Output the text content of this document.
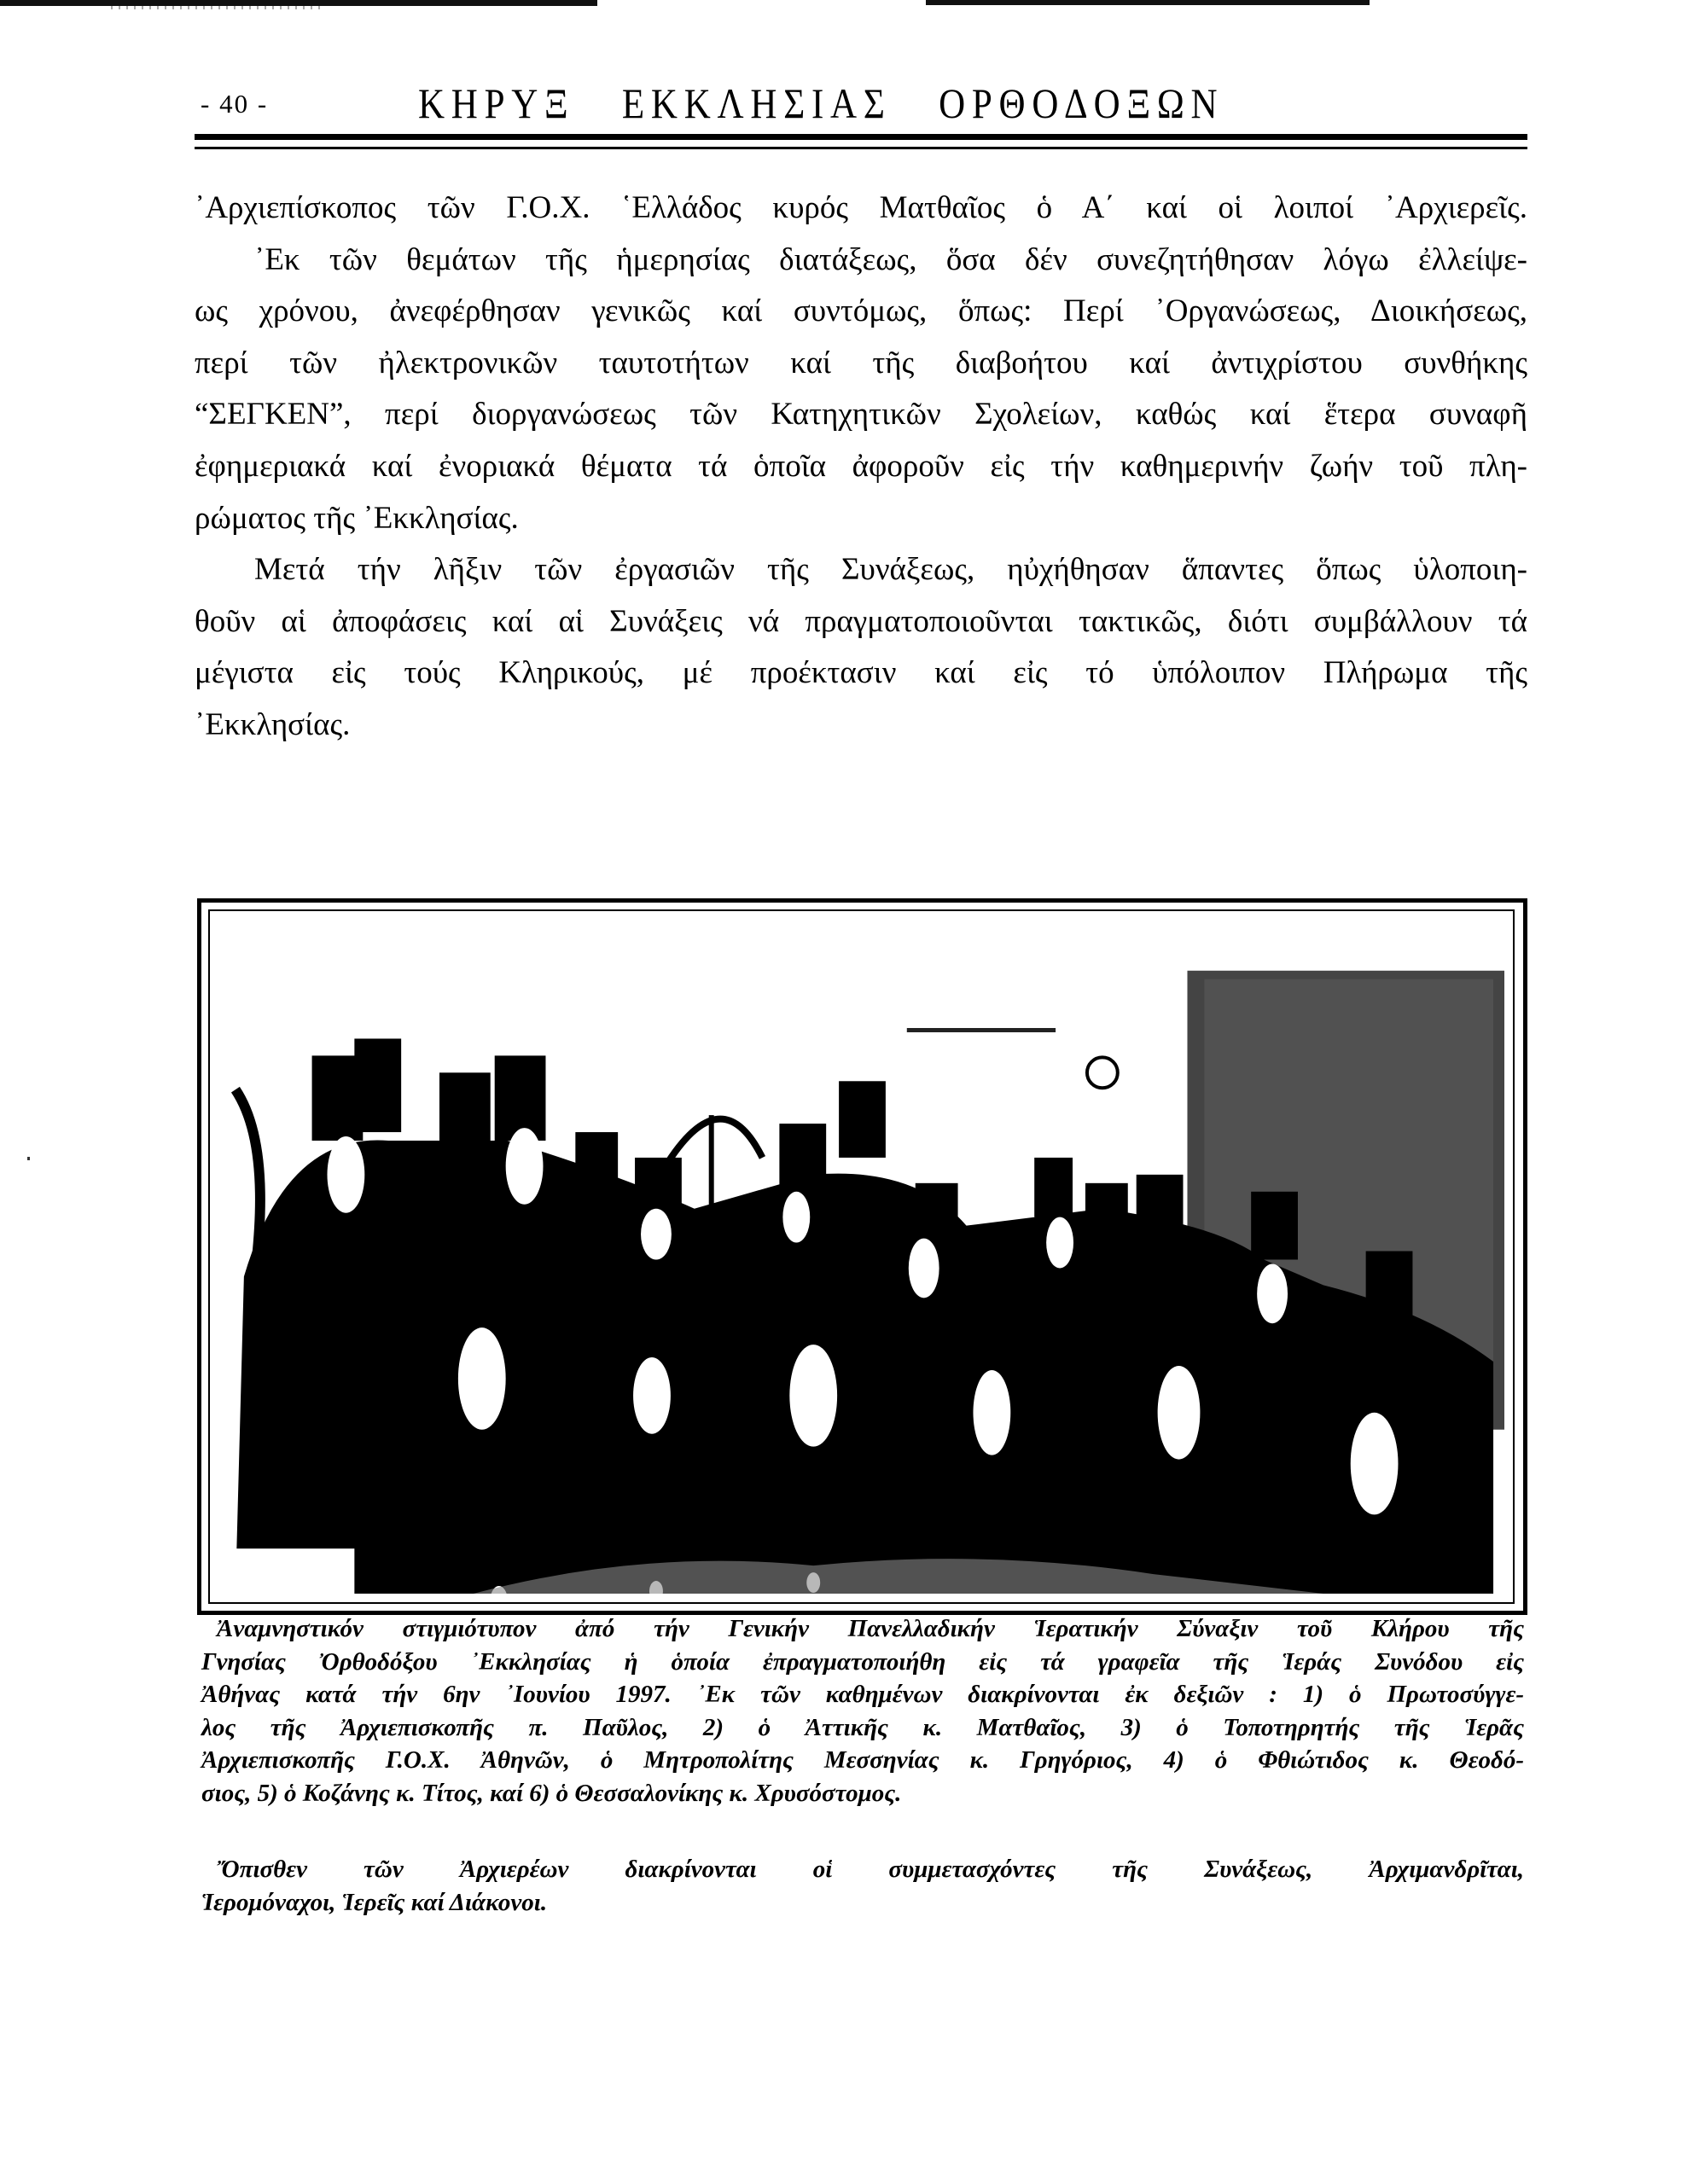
- 40 -	ΚΗΡΥΞ ΕΚΚΛΗΣΙΑΣ ΟΡΘΟΔΟΞΩΝ
᾿Αρχιεπίσκοπος τῶν Γ.Ο.Χ. ῾Ελλάδος κυρός Ματθαῖος ὁ Α΄ καί οἱ λοιποί ᾿Αρχιερεῖς.
᾿Εκ τῶν θεμάτων τῆς ἡμερησίας διατάξεως, ὅσα δέν συνεζητήθησαν λόγω ἐλλείψε-
ως χρόνου, ἀνεφέρθησαν γενικῶς καί συντόμως, ὅπως: Περί ᾿Οργανώσεως, Διοικήσεως,
περί τῶν ἠλεκτρονικῶν ταυτοτήτων καί τῆς διαβοήτου καί ἀντιχρίστου συνθήκης
“ΣΕΓΚΕΝ”, περί διοργανώσεως τῶν Κατηχητικῶν Σχολείων, καθώς καί ἕτερα συναφῆ
ἐφημεριακά καί ἐνοριακά θέματα τά ὁποῖα ἀφοροῦν εἰς τήν καθημερινήν ζωήν τοῦ πλη-
ρώματος τῆς ᾿Εκκλησίας.
Μετά τήν λῆξιν τῶν ἐργασιῶν τῆς Συνάξεως, ηὐχήθησαν ἅπαντες ὅπως ὑλοποιη-
θοῦν αἱ ἀποφάσεις καί αἱ Συνάξεις νά πραγματοποιοῦνται τακτικῶς, διότι συμβάλλουν τά
μέγιστα εἰς τούς Κληρικούς, μέ προέκτασιν καί εἰς τό ὑπόλοιπον Πλήρωμα τῆς
᾿Εκκλησίας.
Ἀναμνηστικόν στιγμιότυπον ἀπό τήν Γενικήν Πανελλαδικήν Ἱερατικήν Σύναξιν τοῦ Κλήρου τῆς
Γνησίας Ὀρθοδόξου ᾿Εκκλησίας ἡ ὁποία ἐπραγματοποιήθη εἰς τά γραφεῖα τῆς Ἱεράς Συνόδου εἰς
Ἀθήνας κατά τήν 6ην ᾿Ιουνίου 1997. ᾿Εκ τῶν καθημένων διακρίνονται ἐκ δεξιῶν : 1) ὁ Πρωτοσύγγε-
λος τῆς Ἀρχιεπισκοπῆς π. Παῦλος, 2) ὁ Ἀττικῆς κ. Ματθαῖος, 3) ὁ Τοποτηρητής τῆς Ἱερᾶς
Ἀρχιεπισκοπῆς Γ.Ο.Χ. Ἀθηνῶν, ὁ Μητροπολίτης Μεσσηνίας κ. Γρηγόριος, 4) ὁ Φθιώτιδος κ. Θεοδό-
σιος, 5) ὁ Κοζάνης κ. Τίτος, καί 6) ὁ Θεσσαλονίκης κ. Χρυσόστομος.
Ὄπισθεν τῶν Ἀρχιερέων διακρίνονται οἱ συμμετασχόντες τῆς Συνάξεως, Ἀρχιμανδρῖται,
Ἱερομόναχοι, Ἱερεῖς καί Διάκονοι.
